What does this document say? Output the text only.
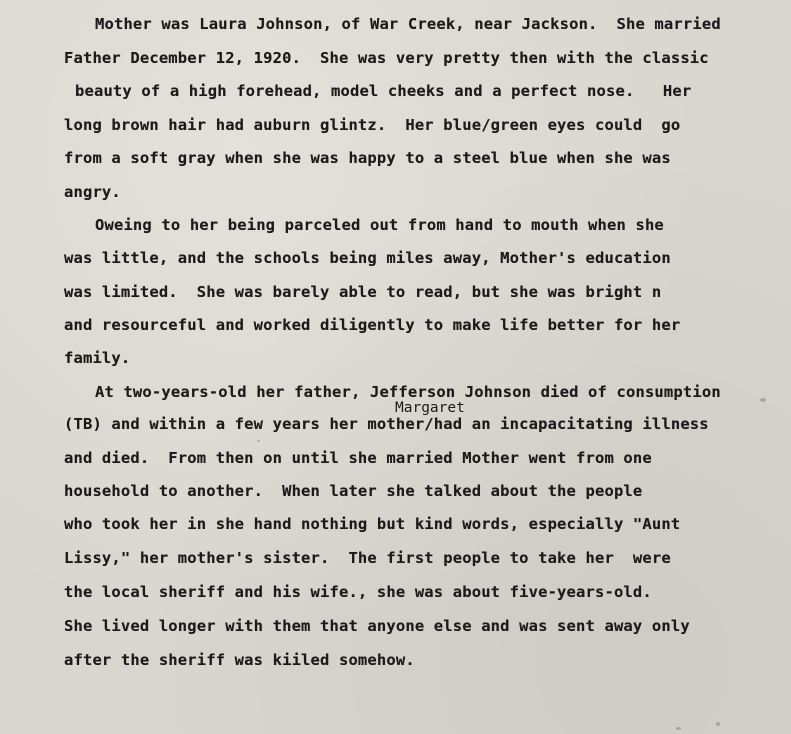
Mother was Laura Johnson, of War Creek, near Jackson.  She married
Father December 12, 1920.  She was very pretty then with the classic
beauty of a high forehead, model cheeks and a perfect nose.   Her
long brown hair had auburn glintz.  Her blue/green eyes could  go
from a soft gray when she was happy to a steel blue when she was
angry.
Oweing to her being parceled out from hand to mouth when she
was little, and the schools being miles away, Mother's education
was limited.  She was barely able to read, but she was bright n
and resourceful and worked diligently to make life better for her
family.
At two-years-old her father, Jefferson Johnson died of consumption
Margaret
(TB) and within a few years her mother/had an incapacitating illness
and died.  From then on until she married Mother went from one
household to another.  When later she talked about the people
who took her in she hand nothing but kind words, especially "Aunt
Lissy," her mother's sister.  The first people to take her  were
the local sheriff and his wife., she was about five-years-old.
She lived longer with them that anyone else and was sent away only
after the sheriff was kiiled somehow.
